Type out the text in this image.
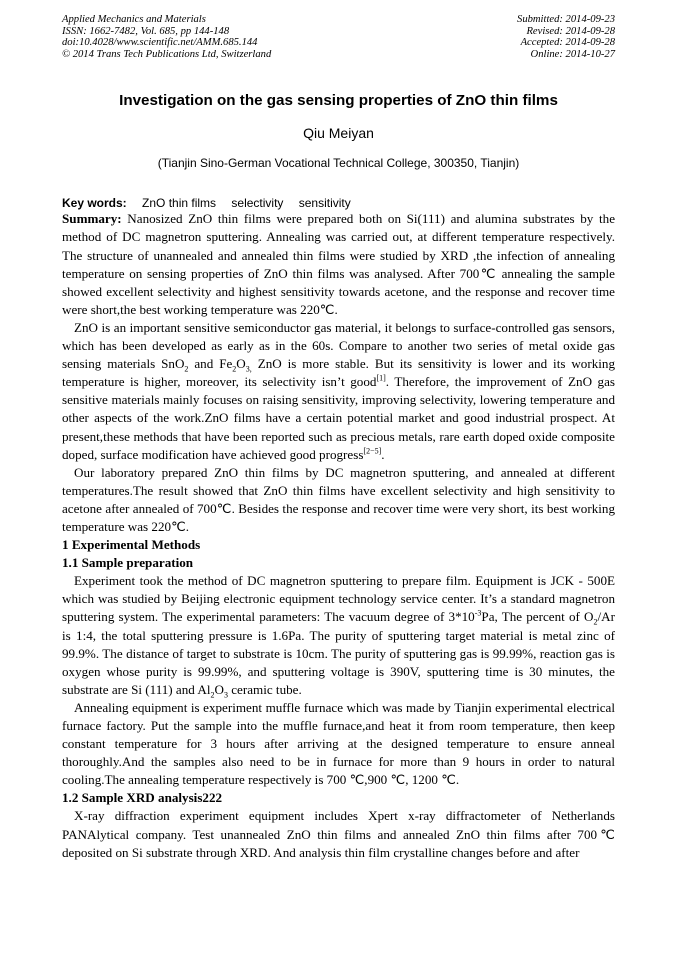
Applied Mechanics and Materials
ISSN: 1662-7482, Vol. 685, pp 144-148
doi:10.4028/www.scientific.net/AMM.685.144
© 2014 Trans Tech Publications Ltd, Switzerland
Submitted: 2014-09-23
Revised: 2014-09-28
Accepted: 2014-09-28
Online: 2014-10-27
Investigation on the gas sensing properties of ZnO thin films
Qiu Meiyan
(Tianjin Sino-German Vocational Technical College, 300350, Tianjin)
Key words: ZnO thin films selectivity sensitivity

Summary: Nanosized ZnO thin films were prepared both on Si(111) and alumina substrates by the method of DC magnetron sputtering. Annealing was carried out, at different temperature respectively. The structure of unannealed and annealed thin films were studied by XRD ,the infection of annealing temperature on sensing properties of ZnO thin films was analysed. After 700℃ annealing the sample showed excellent selectivity and highest sensitivity towards acetone, and the response and recover time were short,the best working temperature was 220℃.

ZnO is an important sensitive semiconductor gas material, it belongs to surface-controlled gas sensors, which has been developed as early as in the 60s. Compare to another two series of metal oxide gas sensing materials SnO$_2$ and $Fe_2O_{3,}$ ZnO is more stable. But its sensitivity is lower and its working temperature is higher, moreover, its selectivity isn’t good[1]. Therefore, the improvement of ZnO gas sensitive materials mainly focuses on raising sensitivity, improving selectivity, lowering temperature and other aspects of the work.ZnO films have a certain potential market and good industrial prospect. At present,these methods that have been reported such as precious metals, rare earth doped oxide composite doped, surface modification have achieved good progress[2−5].

Our laboratory prepared ZnO thin films by DC magnetron sputtering, and annealed at different temperatures.The result showed that ZnO thin films have excellent selectivity and high sensitivity to acetone after annealed of 700℃. Besides the response and recover time were very short, its best working temperature was 220℃.

1 Experimental Methods

1.1 Sample preparation

Experiment took the method of DC magnetron sputtering to prepare film. Equipment is JCK - 500E which was studied by Beijing electronic equipment technology service center. It’s a standard magnetron sputtering system. The experimental parameters: The vacuum degree of $3*10^{-3}Pa$, The percent of $O_2/Ar$ is 1:4, the total sputtering pressure is 1.6Pa. The purity of sputtering target material is metal zinc of 99.9%. The distance of target to substrate is 10cm. The purity of sputtering gas is 99.99%, reaction gas is oxygen whose purity is 99.99%, and sputtering voltage is 390V, sputtering time is 30 minutes, the substrate are Si (111) and $Al_2O_3$ ceramic tube.

Annealing equipment is experiment muffle furnace which was made by Tianjin experimental electrical furnace factory. Put the sample into the muffle furnace,and heat it from room temperature, then keep constant temperature for 3 hours after arriving at the designed temperature to ensure anneal thoroughly.And the samples also need to be in furnace for more than 9 hours in order to natural cooling.The annealing temperature respectively is 700 ℃,900 ℃, 1200 ℃.

1.2 Sample XRD analysis222

X-ray diffraction experiment equipment includes Xpert x-ray diffractometer of Netherlands PANAlytical company. Test unannealed ZnO thin films and annealed ZnO thin films after 700℃ deposited on Si substrate through XRD. And analysis thin film crystalline changes before and after
